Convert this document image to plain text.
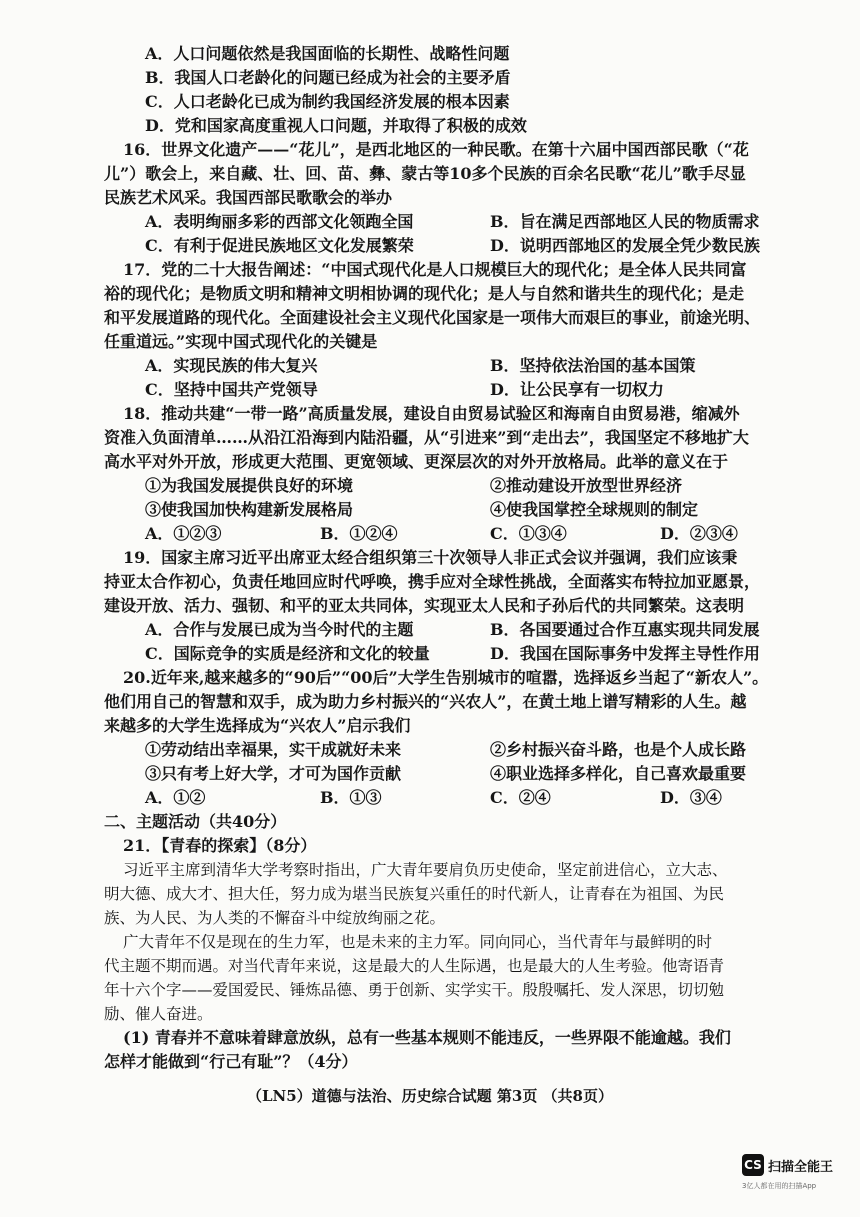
A．人口问题依然是我国面临的长期性、战略性问题
B．我国人口老龄化的问题已经成为社会的主要矛盾
C．人口老龄化已成为制约我国经济发展的根本因素
D．党和国家高度重视人口问题，并取得了积极的成效
16．世界文化遗产——“花儿”，是西北地区的一种民歌。在第十六届中国西部民歌（“花
儿”）歌会上，来自藏、壮、回、苗、彝、蒙古等10多个民族的百余名民歌“花儿”歌手尽显
民族艺术风采。我国西部民歌歌会的举办
A．表明绚丽多彩的西部文化领跑全国	B．旨在满足西部地区人民的物质需求
C．有利于促进民族地区文化发展繁荣	D．说明西部地区的发展全凭少数民族
17．党的二十大报告阐述：“中国式现代化是人口规模巨大的现代化；是全体人民共同富
裕的现代化；是物质文明和精神文明相协调的现代化；是人与自然和谐共生的现代化；是走
和平发展道路的现代化。全面建设社会主义现代化国家是一项伟大而艰巨的事业，前途光明、
任重道远。”实现中国式现代化的关键是
A．实现民族的伟大复兴	B．坚持依法治国的基本国策
C．坚持中国共产党领导	D．让公民享有一切权力
18．推动共建“一带一路”高质量发展，建设自由贸易试验区和海南自由贸易港，缩减外
资准入负面清单……从沿江沿海到内陆沿疆，从“引进来”到“走出去”，我国坚定不移地扩大
高水平对外开放，形成更大范围、更宽领域、更深层次的对外开放格局。此举的意义在于
①为我国发展提供良好的环境	②推动建设开放型世界经济
③使我国加快构建新发展格局	④使我国掌控全球规则的制定
A．①②③	B．①②④	C．①③④	D．②③④
19．国家主席习近平出席亚太经合组织第三十次领导人非正式会议并强调，我们应该秉
持亚太合作初心，负责任地回应时代呼唤，携手应对全球性挑战，全面落实布特拉加亚愿景，
建设开放、活力、强韧、和平的亚太共同体，实现亚太人民和子孙后代的共同繁荣。这表明
A．合作与发展已成为当今时代的主题	B．各国要通过合作互惠实现共同发展
C．国际竞争的实质是经济和文化的较量	D．我国在国际事务中发挥主导性作用
20.近年来,越来越多的“90后”“00后”大学生告别城市的喧嚣，选择返乡当起了“新农人”。
他们用自己的智慧和双手，成为助力乡村振兴的“兴农人”，在黄土地上谱写精彩的人生。越
来越多的大学生选择成为“兴农人”启示我们
①劳动结出幸福果，实干成就好未来	②乡村振兴奋斗路，也是个人成长路
③只有考上好大学，才可为国作贡献	④职业选择多样化，自己喜欢最重要
A．①②	B．①③	C．②④	D．③④
二、主题活动（共40分）
21．【青春的探索】（8分）
习近平主席到清华大学考察时指出，广大青年要肩负历史使命，坚定前进信心，立大志、
明大德、成大才、担大任，努力成为堪当民族复兴重任的时代新人，让青春在为祖国、为民
族、为人民、为人类的不懈奋斗中绽放绚丽之花。
广大青年不仅是现在的生力军，也是未来的主力军。同向同心，当代青年与最鲜明的时
代主题不期而遇。对当代青年来说，这是最大的人生际遇，也是最大的人生考验。他寄语青
年十六个字——爱国爱民、锤炼品德、勇于创新、实学实干。殷殷嘱托、发人深思，切切勉
励、催人奋进。
(1) 青春并不意味着肆意放纵，总有一些基本规则不能违反，一些界限不能逾越。我们
怎样才能做到“行己有耻”？（4分）
（LN5）道德与法治、历史综合试题 第3页 （共8页）
CS 扫描全能王
3亿人都在用的扫描App
